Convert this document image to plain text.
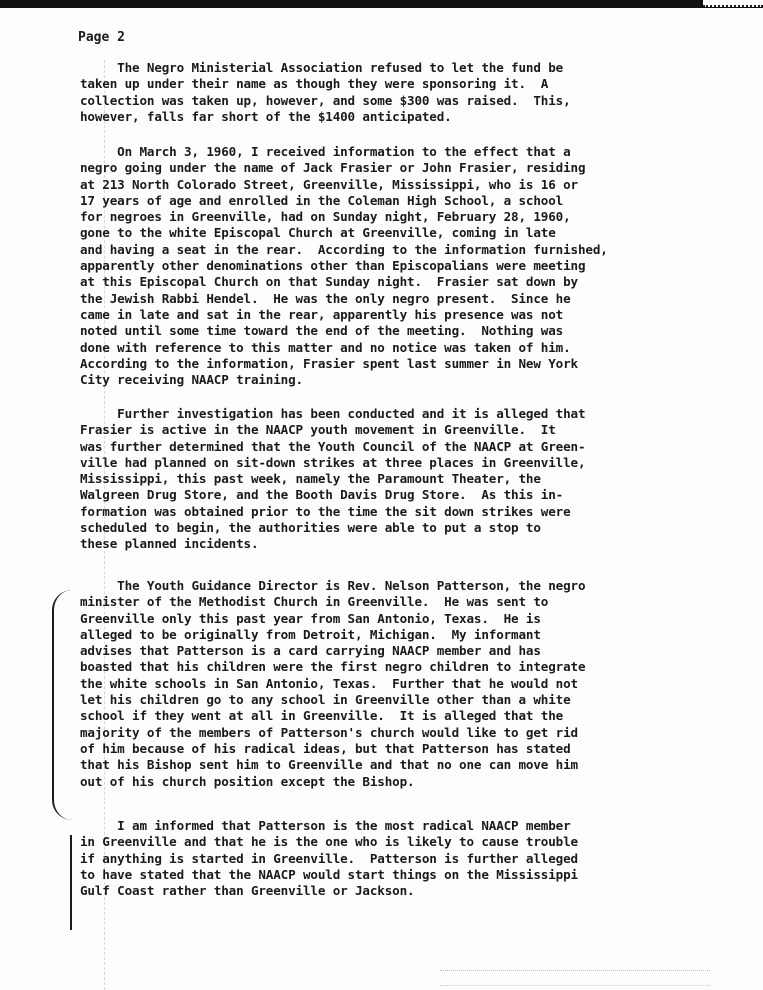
Page 2

The Negro Ministerial Association refused to let the fund be
taken up under their name as though they were sponsoring it.  A
collection was taken up, however, and some $300 was raised.  This,
however, falls far short of the $1400 anticipated.

On March 3, 1960, I received information to the effect that a
negro going under the name of Jack Frasier or John Frasier, residing
at 213 North Colorado Street, Greenville, Mississippi, who is 16 or
17 years of age and enrolled in the Coleman High School, a school
for negroes in Greenville, had on Sunday night, February 28, 1960,
gone to the white Episcopal Church at Greenville, coming in late
and having a seat in the rear.  According to the information furnished,
apparently other denominations other than Episcopalians were meeting
at this Episcopal Church on that Sunday night.  Frasier sat down by
the Jewish Rabbi Hendel.  He was the only negro present.  Since he
came in late and sat in the rear, apparently his presence was not
noted until some time toward the end of the meeting.  Nothing was
done with reference to this matter and no notice was taken of him.
According to the information, Frasier spent last summer in New York
City receiving NAACP training.

Further investigation has been conducted and it is alleged that
Frasier is active in the NAACP youth movement in Greenville.  It
was further determined that the Youth Council of the NAACP at Green-
ville had planned on sit-down strikes at three places in Greenville,
Mississippi, this past week, namely the Paramount Theater, the
Walgreen Drug Store, and the Booth Davis Drug Store.  As this in-
formation was obtained prior to the time the sit down strikes were
scheduled to begin, the authorities were able to put a stop to
these planned incidents.

The Youth Guidance Director is Rev. Nelson Patterson, the negro
minister of the Methodist Church in Greenville.  He was sent to
Greenville only this past year from San Antonio, Texas.  He is
alleged to be originally from Detroit, Michigan.  My informant
advises that Patterson is a card carrying NAACP member and has
boasted that his children were the first negro children to integrate
the white schools in San Antonio, Texas.  Further that he would not
let his children go to any school in Greenville other than a white
school if they went at all in Greenville.  It is alleged that the
majority of the members of Patterson's church would like to get rid
of him because of his radical ideas, but that Patterson has stated
that his Bishop sent him to Greenville and that no one can move him
out of his church position except the Bishop.

I am informed that Patterson is the most radical NAACP member
in Greenville and that he is the one who is likely to cause trouble
if anything is started in Greenville.  Patterson is further alleged
to have stated that the NAACP would start things on the Mississippi
Gulf Coast rather than Greenville or Jackson.
